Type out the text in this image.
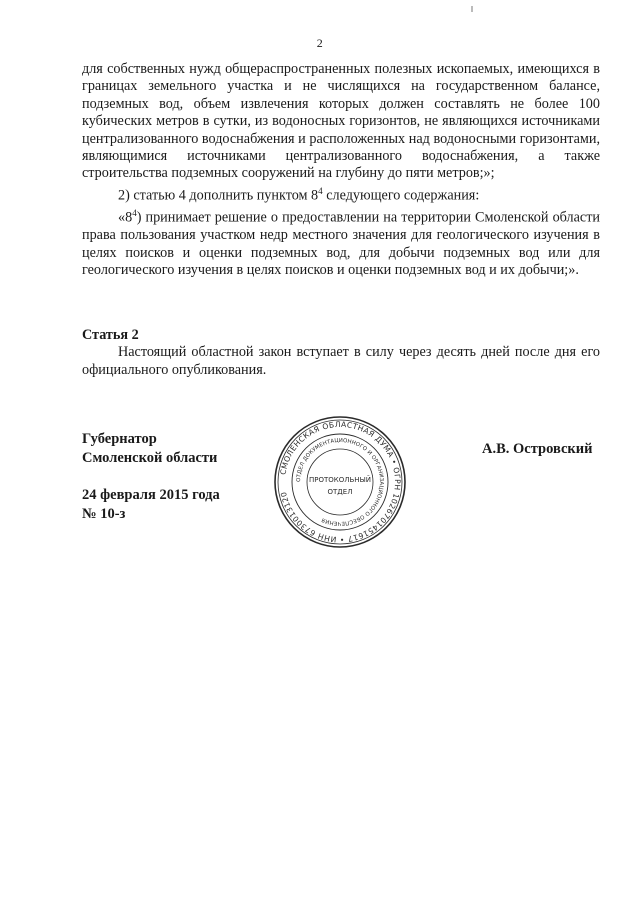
2

для собственных нужд общераспространенных полезных ископаемых, имеющихся в границах земельного участка и не числящихся на государственном балансе, подземных вод, объем извлечения которых должен составлять не более 100 кубических метров в сутки, из водоносных горизонтов, не являющихся источниками централизованного водоснабжения и расположенных над водоносными горизонтами, являющимися источниками централизованного водоснабжения, а также строительства подземных сооружений на глубину до пяти метров;»;

2) статью 4 дополнить пунктом $8^4$ следующего содержания:

«$8^4$) принимает решение о предоставлении на территории Смоленской области права пользования участком недр местного значения для геологического изучения в целях поисков и оценки подземных вод, для добычи подземных вод или для геологического изучения в целях поисков и оценки подземных вод и их добычи;».

Статья 2

Настоящий областной закон вступает в силу через десять дней после дня его официального опубликования.

Губернатор
Смоленской области
А.В. Островский
24 февраля 2015 года
№ 10-з
СМОЛЕНСКАЯ ОБЛАСТНАЯ ДУМА • ОГРН 1026701451617 • ИНН 6730013120
ОТДЕЛ ДОКУМЕНТАЦИОННОГО И ОРГАНИЗАЦИОННОГО ОБЕСПЕЧЕНИЯ
ПРОТОКОЛЬНЫЙ
ОТДЕЛ
